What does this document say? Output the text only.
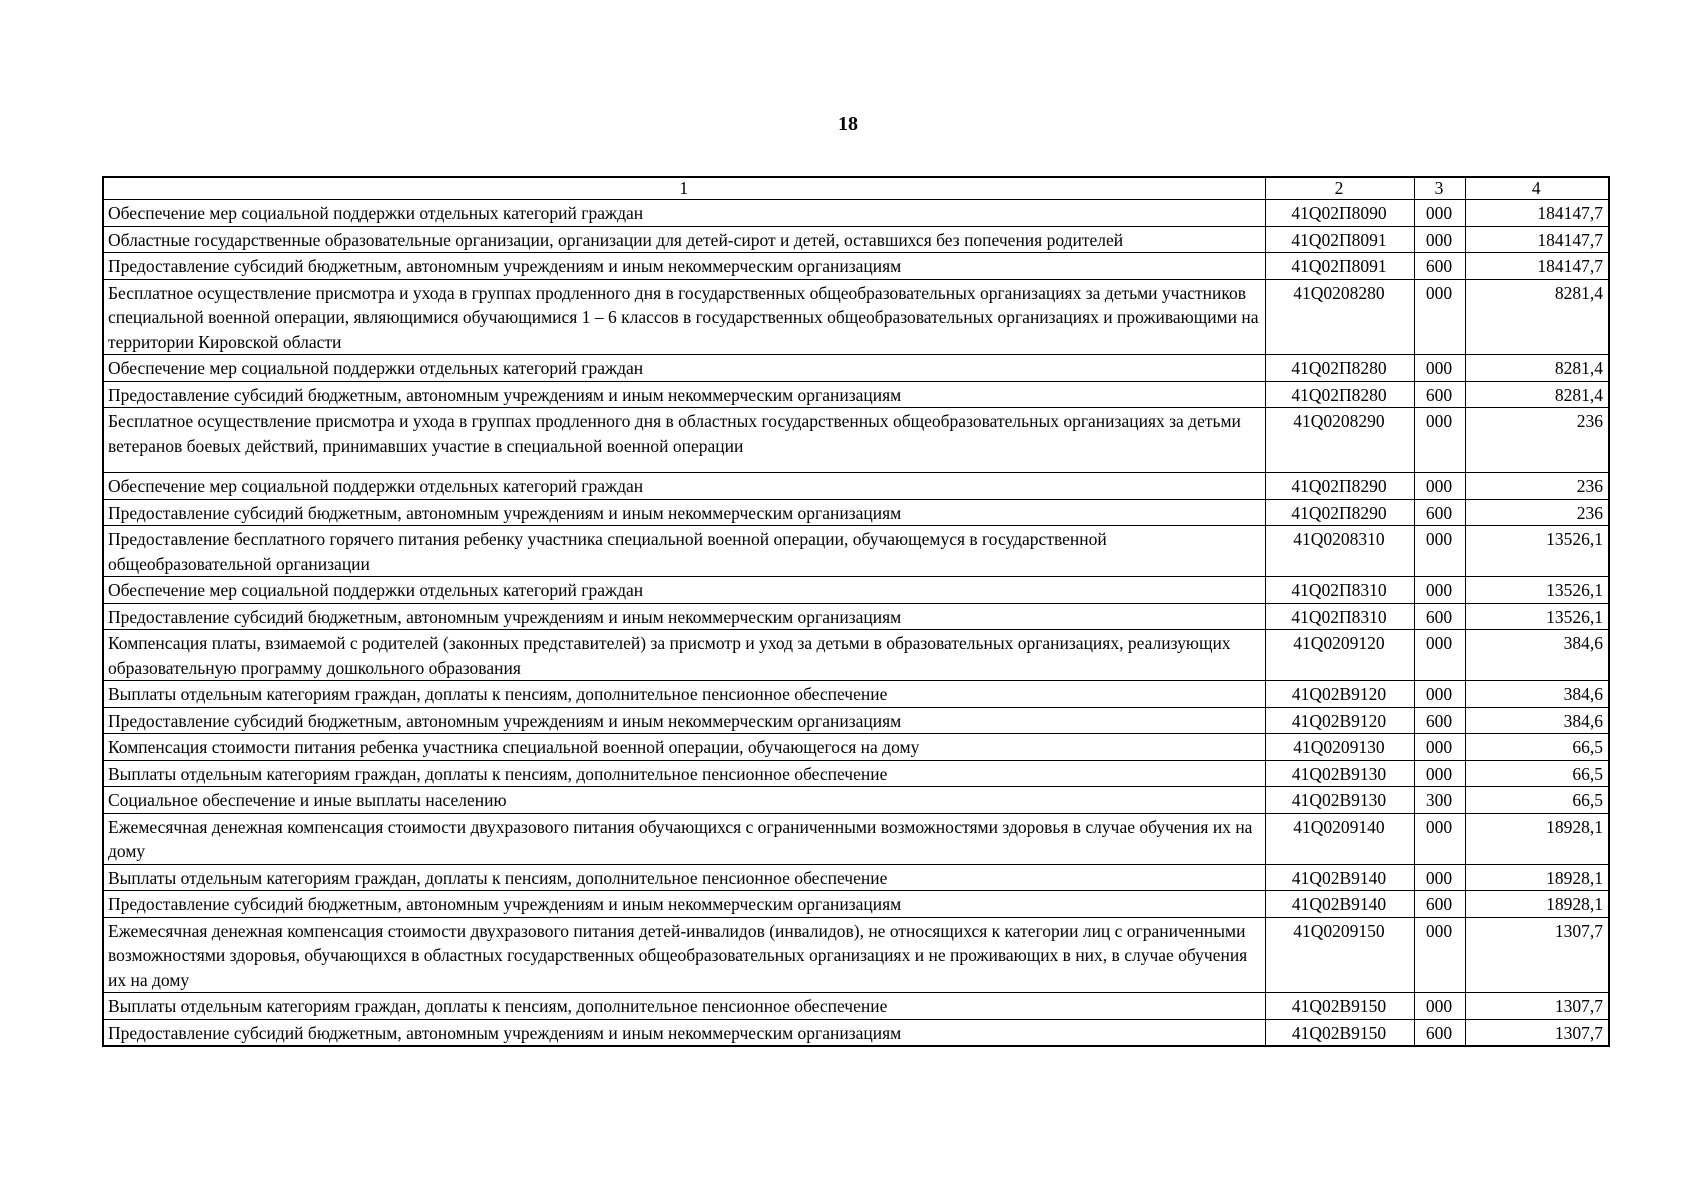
18
1	2	3	4
Обеспечение мер социальной поддержки отдельных категорий граждан	41Q02П8090	000	184147,7
Областные государственные образовательные организации, организации для детей-сирот и детей, оставшихся без попечения родителей	41Q02П8091	000	184147,7
Предоставление субсидий бюджетным, автономным учреждениям и иным некоммерческим организациям	41Q02П8091	600	184147,7
Бесплатное осуществление присмотра и ухода в группах продленного дня в государственных общеобразовательных организациях за детьми участников специальной военной операции, являющимися обучающимися 1 – 6 классов в государственных общеобразовательных организациях и проживающими на территории Кировской области	41Q0208280	000	8281,4
Обеспечение мер социальной поддержки отдельных категорий граждан	41Q02П8280	000	8281,4
Предоставление субсидий бюджетным, автономным учреждениям и иным некоммерческим организациям	41Q02П8280	600	8281,4
Бесплатное осуществление присмотра и ухода в группах продленного дня в областных государственных общеобразовательных организациях за детьми ветеранов боевых действий, принимавших участие в специальной военной операции	41Q0208290	000	236
Обеспечение мер социальной поддержки отдельных категорий граждан	41Q02П8290	000	236
Предоставление субсидий бюджетным, автономным учреждениям и иным некоммерческим организациям	41Q02П8290	600	236
Предоставление бесплатного горячего питания ребенку участника специальной военной операции, обучающемуся в государственной общеобразовательной организации	41Q0208310	000	13526,1
Обеспечение мер социальной поддержки отдельных категорий граждан	41Q02П8310	000	13526,1
Предоставление субсидий бюджетным, автономным учреждениям и иным некоммерческим организациям	41Q02П8310	600	13526,1
Компенсация платы, взимаемой с родителей (законных представителей) за присмотр и уход за детьми в образовательных организациях, реализующих образовательную программу дошкольного образования	41Q0209120	000	384,6
Выплаты отдельным категориям граждан, доплаты к пенсиям, дополнительное пенсионное обеспечение	41Q02В9120	000	384,6
Предоставление субсидий бюджетным, автономным учреждениям и иным некоммерческим организациям	41Q02В9120	600	384,6
Компенсация стоимости питания ребенка участника специальной военной операции, обучающегося на дому	41Q0209130	000	66,5
Выплаты отдельным категориям граждан, доплаты к пенсиям, дополнительное пенсионное обеспечение	41Q02В9130	000	66,5
Социальное обеспечение и иные выплаты населению	41Q02В9130	300	66,5
Ежемесячная денежная компенсация стоимости двухразового питания обучающихся с ограниченными возможностями здоровья в случае обучения их на дому	41Q0209140	000	18928,1
Выплаты отдельным категориям граждан, доплаты к пенсиям, дополнительное пенсионное обеспечение	41Q02В9140	000	18928,1
Предоставление субсидий бюджетным, автономным учреждениям и иным некоммерческим организациям	41Q02В9140	600	18928,1
Ежемесячная денежная компенсация стоимости двухразового питания детей-инвалидов (инвалидов), не относящихся к категории лиц с ограниченными возможностями здоровья, обучающихся в областных государственных общеобразовательных организациях и не проживающих в них, в случае обучения их на дому	41Q0209150	000	1307,7
Выплаты отдельным категориям граждан, доплаты к пенсиям, дополнительное пенсионное обеспечение	41Q02В9150	000	1307,7
Предоставление субсидий бюджетным, автономным учреждениям и иным некоммерческим организациям	41Q02В9150	600	1307,7
